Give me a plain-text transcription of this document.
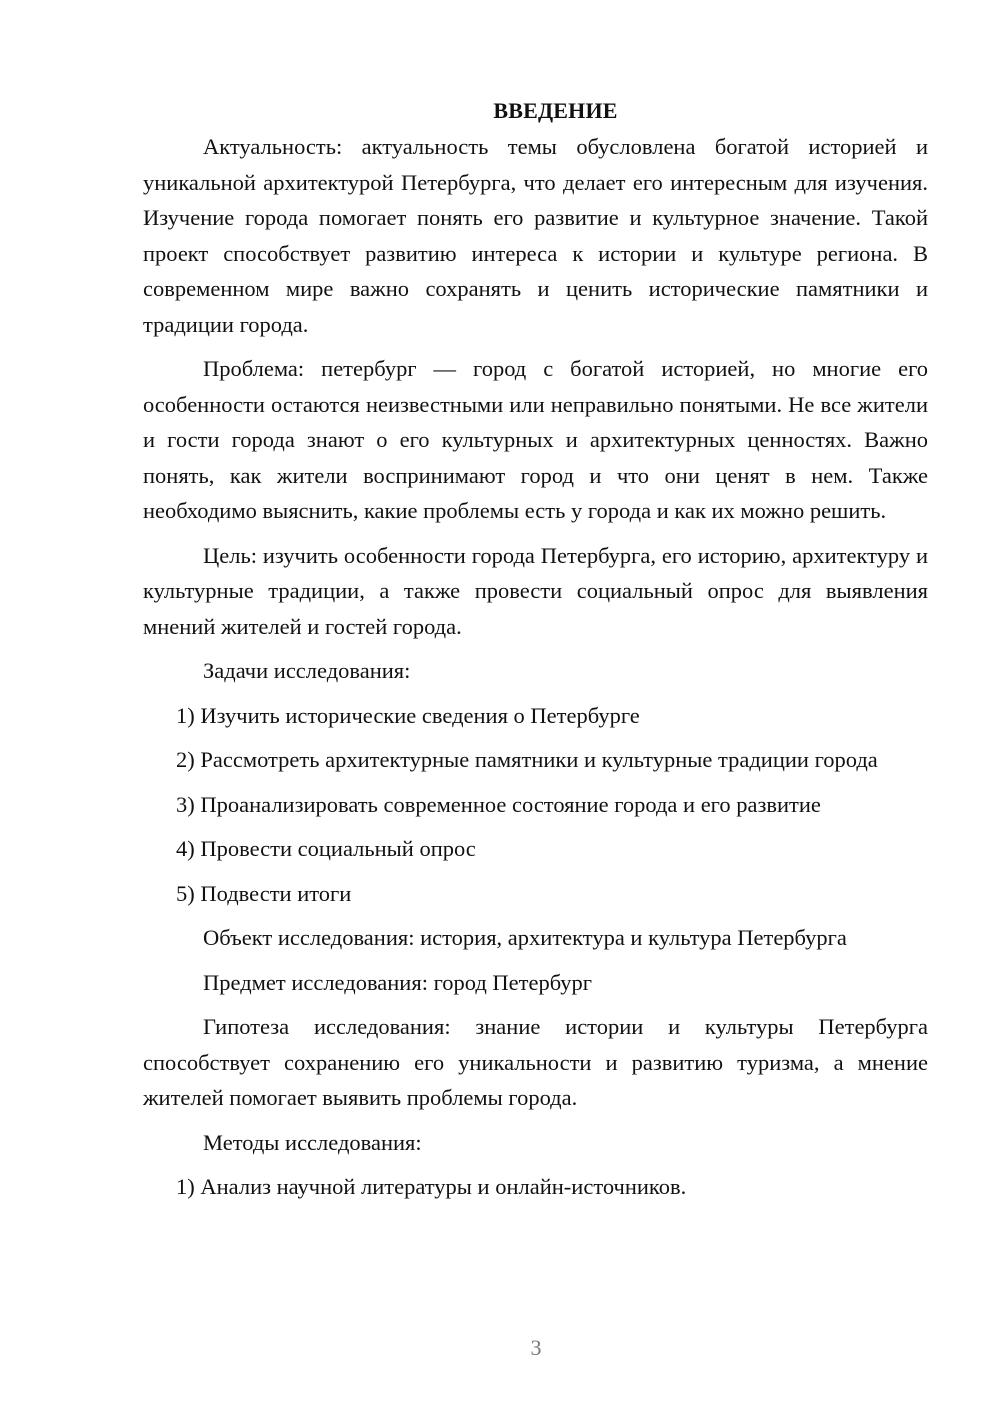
ВВЕДЕНИЕ

Актуальность: актуальность темы обусловлена богатой историей и уникальной архитектурой Петербурга, что делает его интересным для изучения. Изучение города помогает понять его развитие и культурное значение. Такой проект способствует развитию интереса к истории и культуре региона. В современном мире важно сохранять и ценить исторические памятники и традиции города.

Проблема: петербург — город с богатой историей, но многие его особенности остаются неизвестными или неправильно понятыми. Не все жители и гости города знают о его культурных и архитектурных ценностях. Важно понять, как жители воспринимают город и что они ценят в нем. Также необходимо выяснить, какие проблемы есть у города и как их можно решить.

Цель: изучить особенности города Петербурга, его историю, архитектуру и культурные традиции, а также провести социальный опрос для выявления мнений жителей и гостей города.

Задачи исследования:

1) Изучить исторические сведения о Петербурге

2) Рассмотреть архитектурные памятники и культурные традиции города

3) Проанализировать современное состояние города и его развитие

4) Провести социальный опрос

5) Подвести итоги

Объект исследования: история, архитектура и культура Петербурга

Предмет исследования: город Петербург

Гипотеза исследования: знание истории и культуры Петербурга способствует сохранению его уникальности и развитию туризма, а мнение жителей помогает выявить проблемы города.

Методы исследования:

1) Анализ научной литературы и онлайн-источников.

3
